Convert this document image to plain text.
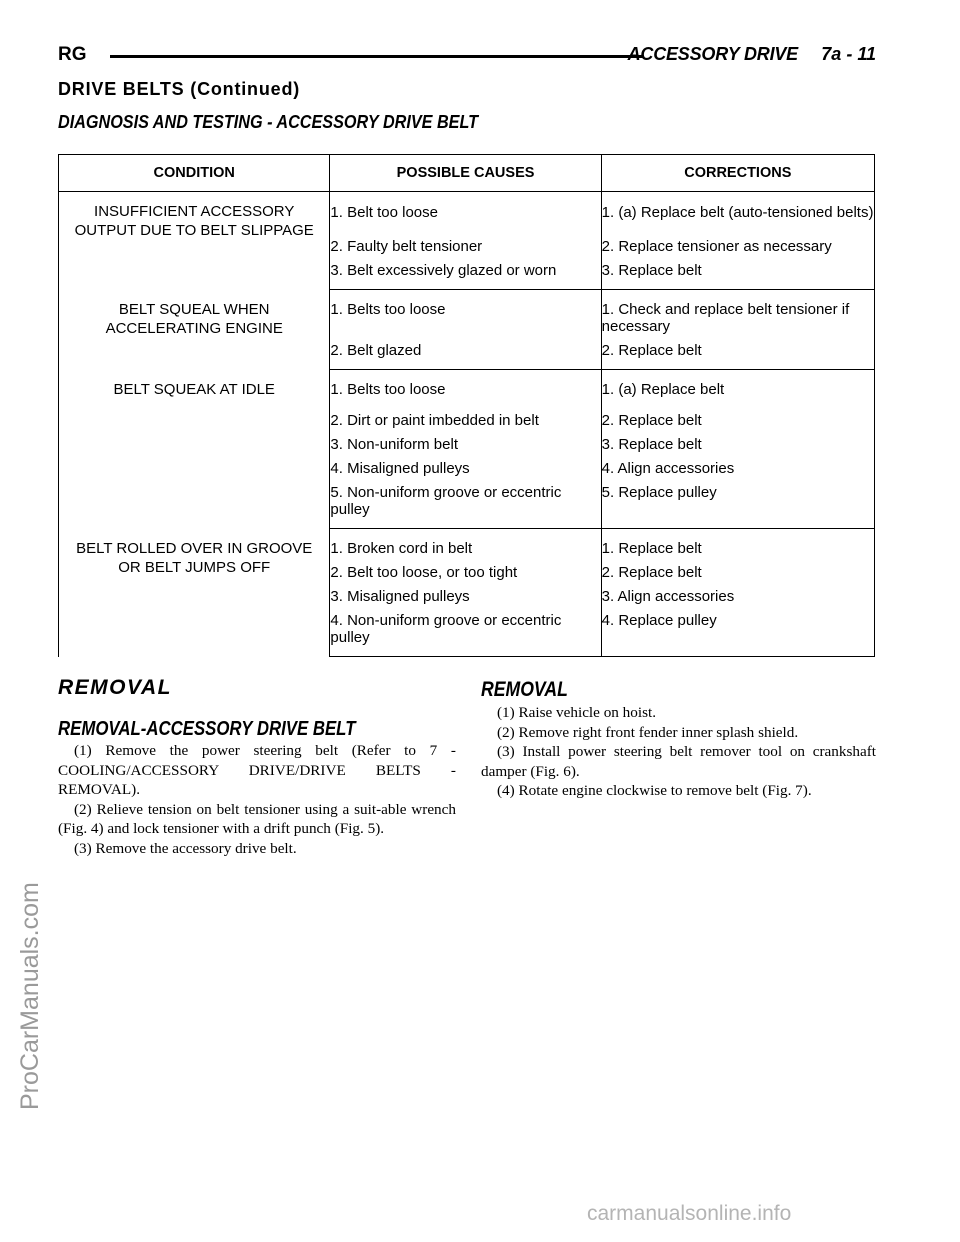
RG	ACCESSORY DRIVE 7a - 11
DRIVE BELTS (Continued)
DIAGNOSIS AND TESTING - ACCESSORY DRIVE BELT
CONDITION	POSSIBLE CAUSES	CORRECTIONS
INSUFFICIENT ACCESSORY OUTPUT DUE TO BELT SLIPPAGE	1. Belt too loose	1. (a) Replace belt (auto-tensioned belts)
	2. Faulty belt tensioner	2. Replace tensioner as necessary
	3. Belt excessively glazed or worn	3. Replace belt
BELT SQUEAL WHEN ACCELERATING ENGINE	1. Belts too loose	1. Check and replace belt tensioner if necessary
	2. Belt glazed	2. Replace belt
BELT SQUEAK AT IDLE	1. Belts too loose	1. (a) Replace belt
	2. Dirt or paint imbedded in belt	2. Replace belt
	3. Non-uniform belt	3. Replace belt
	4. Misaligned pulleys	4. Align accessories
	5. Non-uniform groove or eccentric pulley	5. Replace pulley
BELT ROLLED OVER IN GROOVE OR BELT JUMPS OFF	1. Broken cord in belt	1. Replace belt
	2. Belt too loose, or too tight	2. Replace belt
	3. Misaligned pulleys	3. Align accessories
	4. Non-uniform groove or eccentric pulley	4. Replace pulley
REMOVAL
REMOVAL-ACCESSORY DRIVE BELT

(1) Remove the power steering belt (Refer to 7 - COOLING/ACCESSORY DRIVE/DRIVE BELTS - REMOVAL).

(2) Relieve tension on belt tensioner using a suit-able wrench (Fig. 4) and lock tensioner with a drift punch (Fig. 5).

(3) Remove the accessory drive belt.

REMOVAL

(1) Raise vehicle on hoist.

(2) Remove right front fender inner splash shield.

(3) Install power steering belt remover tool on crankshaft damper (Fig. 6).

(4) Rotate engine clockwise to remove belt (Fig. 7).

ProCarManuals.com
carmanualsonline.info
